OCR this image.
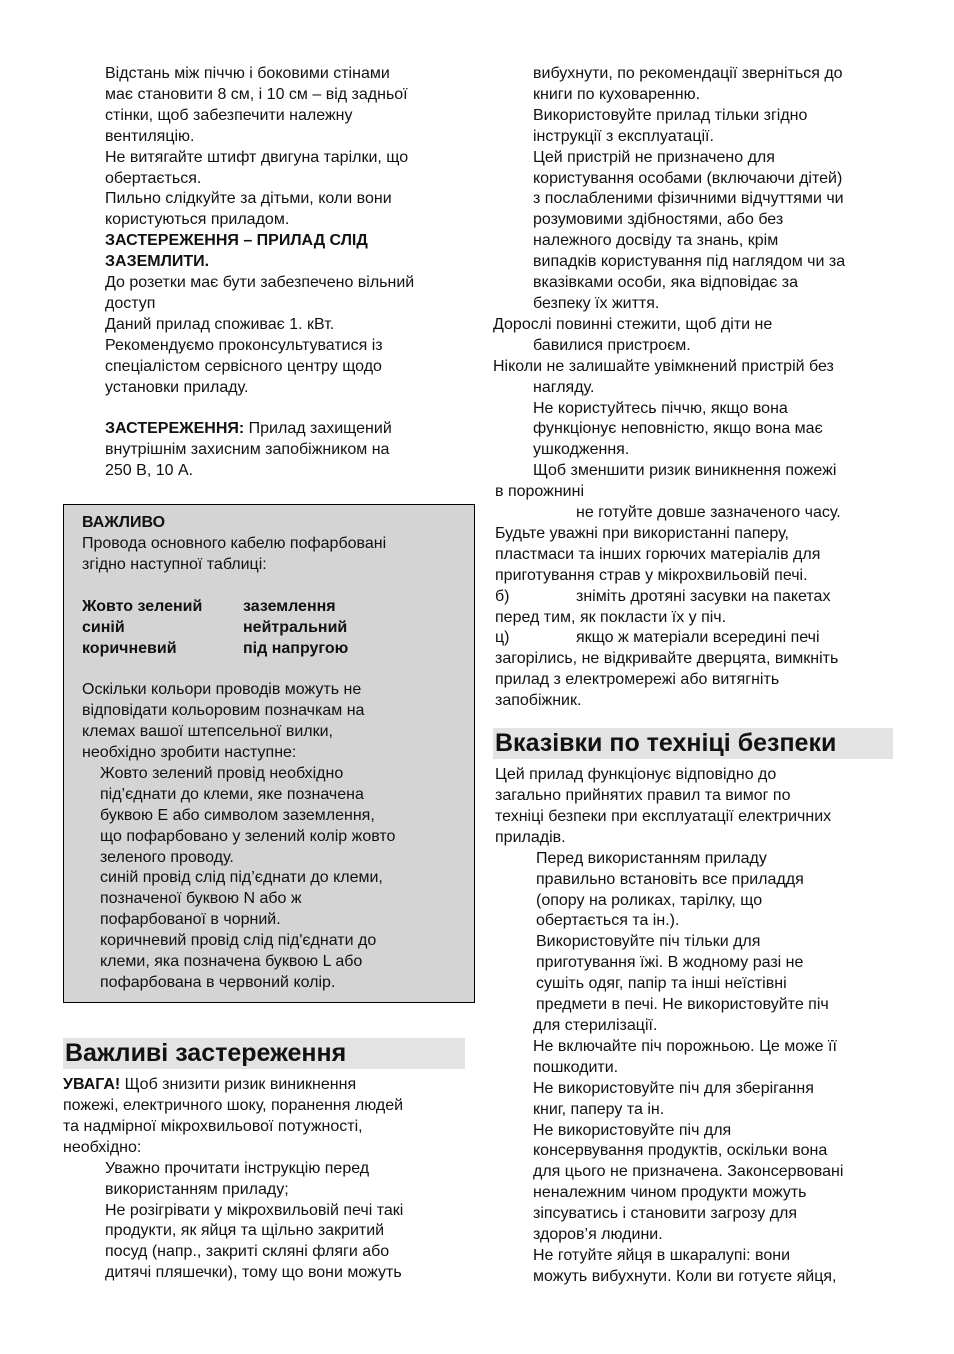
Відстань між піччю і боковими стінами
має становити 8 см, і 10 см – від задньої
стінки, щоб забезпечити належну
вентиляцію.
Не витягайте штифт двигуна тарілки, що
обертається.
Пильно слідкуйте за дітьми, коли вони
користуються приладом.
ЗАСТЕРЕЖЕННЯ – ПРИЛАД СЛІД
ЗАЗЕМЛИТИ.
До розетки має бути забезпечено вільний
доступ
Даний прилад споживає 1. кВт.
Рекомендуємо проконсультуватися із
спеціалістом сервісного центру щодо
установки приладу.
ЗАСТЕРЕЖЕННЯ: Прилад захищений
внутрішнім захисним запобіжником на
250 В, 10 А.
ВАЖЛИВО
Провода основного кабелю пофарбовані
згідно наступної таблиці:
Жовто зелений	заземлення
синій	нейтральний
коричневий	під напругою
Оскільки кольори проводів можуть не
відповідати кольоровим позначкам на
клемах вашої штепсельної вилки,
необхідно зробити наступне:
Жовто зелений провід необхідно
під’єднати до клеми, яке позначена
буквою E або символом заземлення,
що пофарбовано у зелений колір жовто
зеленого проводу.
синій провід слід під’єднати до клеми,
позначеної буквою N або ж
пофарбованої в чорний.
коричневий провід слід під'єднати до
клеми, яка позначена буквою L або
пофарбована в червоний колір.
Важливі застереження
УВАГА! Щоб знизити ризик виникнення
пожежі, електричного шоку, поранення людей
та надмірної мікрохвильової потужності,
необхідно:
Уважно прочитати інструкцію перед
використанням приладу;
Не розігрівати у мікрохвильовій печі такі
продукти, як яйця та щільно закритий
посуд (напр., закриті скляні фляги або
дитячі пляшечки), тому що вони можуть
вибухнути, по рекомендації зверніться до
книги по куховаренню.
Використовуйте прилад тільки згідно
інструкції з експлуатації.
Цей пристрій не призначено для
користування особами (включаючи дітей)
з послабленими фізичними відчуттями чи
розумовими здібностями, або без
належного досвіду та знань, крім
випадків користування під наглядом чи за
вказівками особи, яка відповідає за
безпеку їх життя.
Дорослі повинні стежити, щоб діти не
бавилися пристроєм.
Ніколи не залишайте увімкнений пристрій без
нагляду.
Не користуйтесь піччю, якщо вона
функціонує неповністю, якщо вона має
ушкодження.
Щоб зменшити ризик виникнення пожежі
в порожнині
не готуйте довше зазначеного часу.
Будьте уважні при використанні паперу,
пластмаси та інших горючих матеріалів для
приготування страв у мікрохвильовій печі.
б)	зніміть дротяні засувки на пакетах
перед тим, як покласти їх у піч.
ц)	якщо ж матеріали всередині печі
загорілись, не відкривайте дверцята, вимкніть
прилад з електромережі або витягніть
запобіжник.
Вказівки по техніці безпеки
Цей прилад функціонує відповідно до
загально прийнятих правил та вимог по
техніці безпеки при експлуатації електричних
приладів.
Перед використанням приладу
правильно встановіть все приладдя
(опору на роликах, тарілку, що
обертається та ін.).
Використовуйте піч тільки для
приготування їжі. В жодному разі не
сушіть одяг, папір та інші неїстівні
предмети в печі. Не використовуйте піч
для стерилізації.
Не включайте піч порожньою. Це може її
пошкодити.
Не використовуйте піч для зберігання
книг, паперу та ін.
Не використовуйте піч для
консервування продуктів, оскільки вона
для цього не призначена. Законсервовані
неналежним чином продукти можуть
зіпсуватись і становити загрозу для
здоров’я людини.
Не готуйте яйця в шкаралупі: вони
можуть вибухнути. Коли ви готуєте яйця,
